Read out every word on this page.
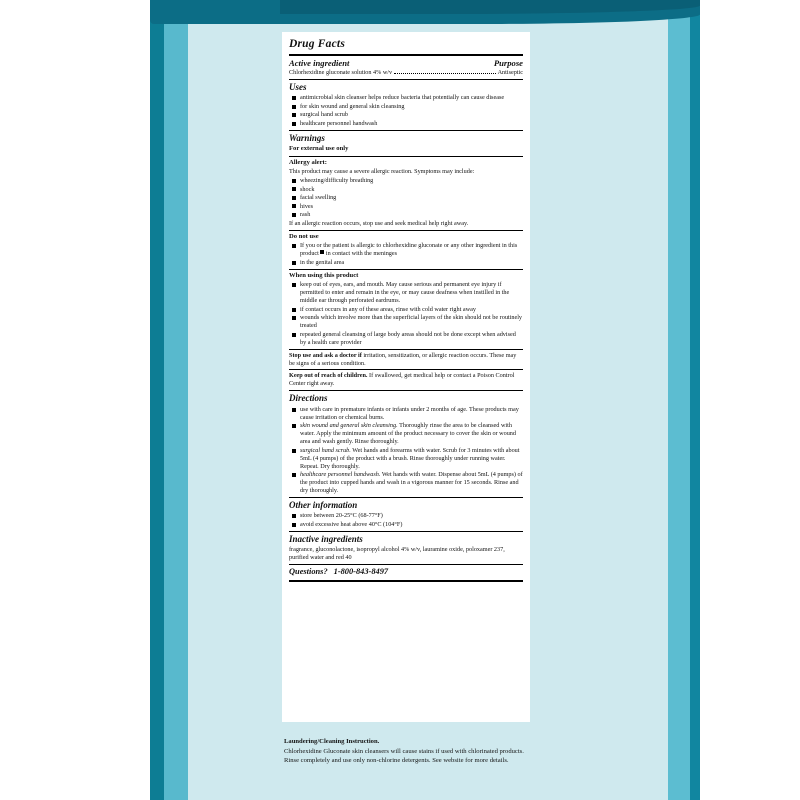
Drug Facts
Active ingredient	Purpose
Chlorhexidine gluconate solution 4% w/v	Antiseptic
Uses
antimicrobial skin cleanser helps reduce bacteria that potentially can cause disease
for skin wound and general skin cleansing
surgical hand scrub
healthcare personnel handwash
Warnings
For external use only
Allergy alert:
This product may cause a severe allergic reaction. Symptoms may include:
wheezing/difficulty breathing
shock
facial swelling
hives
rash
If an allergic reaction occurs, stop use and seek medical help right away.
Do not use
If you or the patient is allergic to chlorhexidine gluconate or any other ingredient in this product in contact with the meninges
in the genital area
When using this product
keep out of eyes, ears, and mouth. May cause serious and permanent eye injury if permitted to enter and remain in the eye, or may cause deafness when instilled in the middle ear through perforated eardrums.
if contact occurs in any of these areas, rinse with cold water right away
wounds which involve more than the superficial layers of the skin should not be routinely treated
repeated general cleansing of large body areas should not be done except when advised by a health care provider
Stop use and ask a doctor if irritation, sensitization, or allergic reaction occurs. These may be signs of a serious condition.
Keep out of reach of children. If swallowed, get medical help or contact a Poison Control Center right away.
Directions
use with care in premature infants or infants under 2 months of age. These products may cause irritation or chemical burns.
skin wound and general skin cleansing. Thoroughly rinse the area to be cleansed with water. Apply the minimum amount of the product necessary to cover the skin or wound area and wash gently. Rinse thoroughly.
surgical hand scrub. Wet hands and forearms with water. Scrub for 3 minutes with about 5mL (4 pumps) of the product with a brush. Rinse thoroughly under running water. Repeat. Dry thoroughly.
healthcare personnel handwash. Wet hands with water. Dispense about 5mL (4 pumps) of the product into cupped hands and wash in a vigorous manner for 15 seconds. Rinse and dry thoroughly.
Other information
store between 20-25°C (68-77°F)
avoid excessive heat above 40°C (104°F)
Inactive ingredients
fragrance, gluconolactone, isopropyl alcohol 4% w/v, lauramine oxide, poloxamer 237, purified water and red 40
Questions? 1-800-843-8497
Laundering/Cleaning Instruction.
Chlorhexidine Gluconate skin cleansers will cause stains if used with chlorinated products. Rinse completely and use only non-chlorine detergents. See website for more details.
